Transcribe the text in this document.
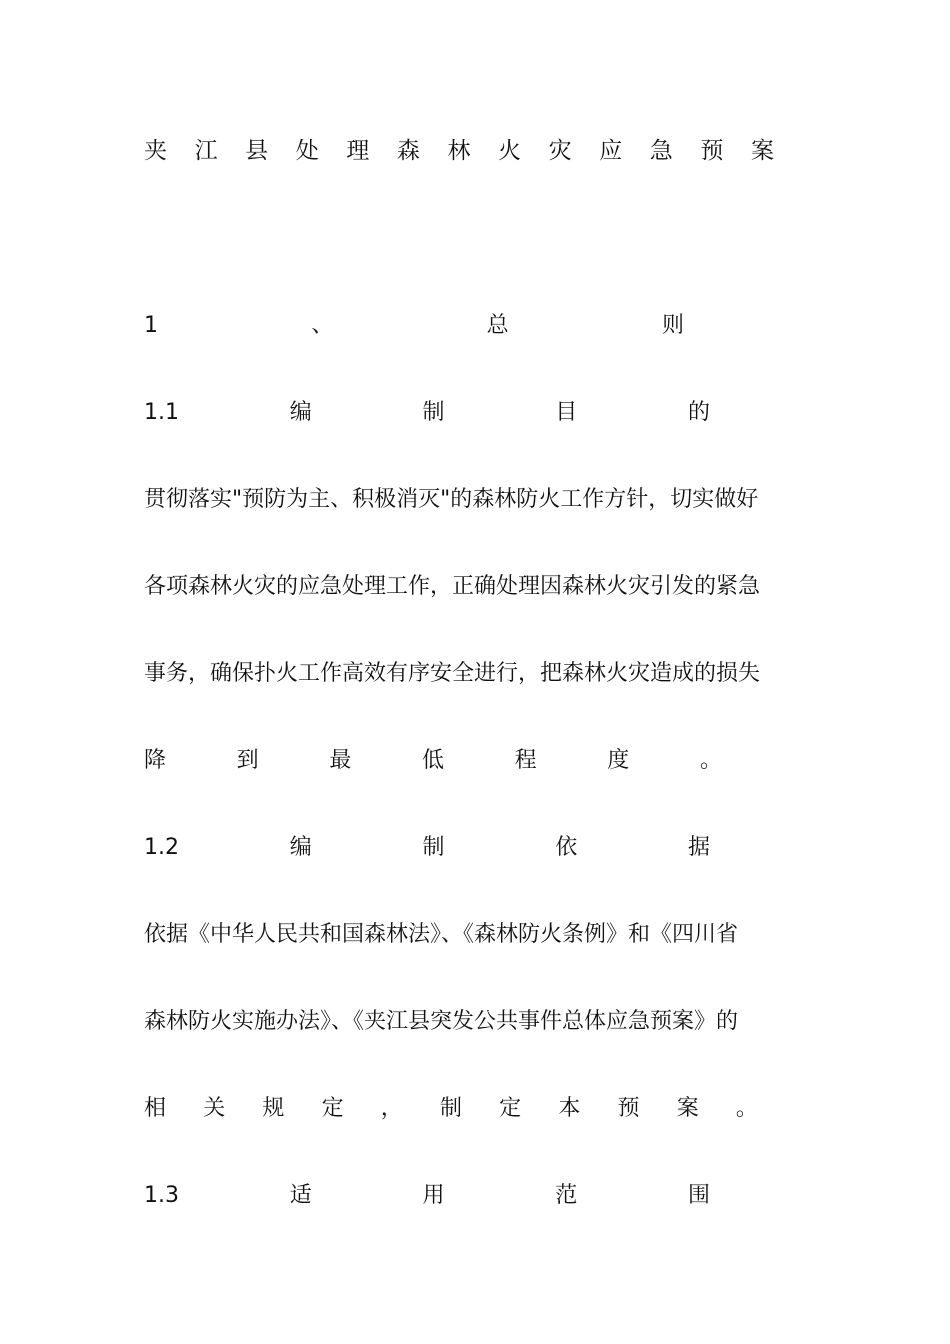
夹 江 县 处 理 森 林 火 灾 应 急 预 案
1	、	总	则
1.1	编	制	目	的
贯彻落实"预防为主、积极消灭"的森林防火工作方针，切实做好
各项森林火灾的应急处理工作，正确处理因森林火灾引发的紧急
事务，确保扑火工作高效有序安全进行，把森林火灾造成的损失
降	到	最	低	程	度	。
1.2	编	制	依	据
依据《中华人民共和国森林法》、《森林防火条例》和《四川省
森林防火实施办法》、《夹江县突发公共事件总体应急预案》的
相 关 规 定 ， 制 定 本 预 案 。
1.3	适	用	范	围
